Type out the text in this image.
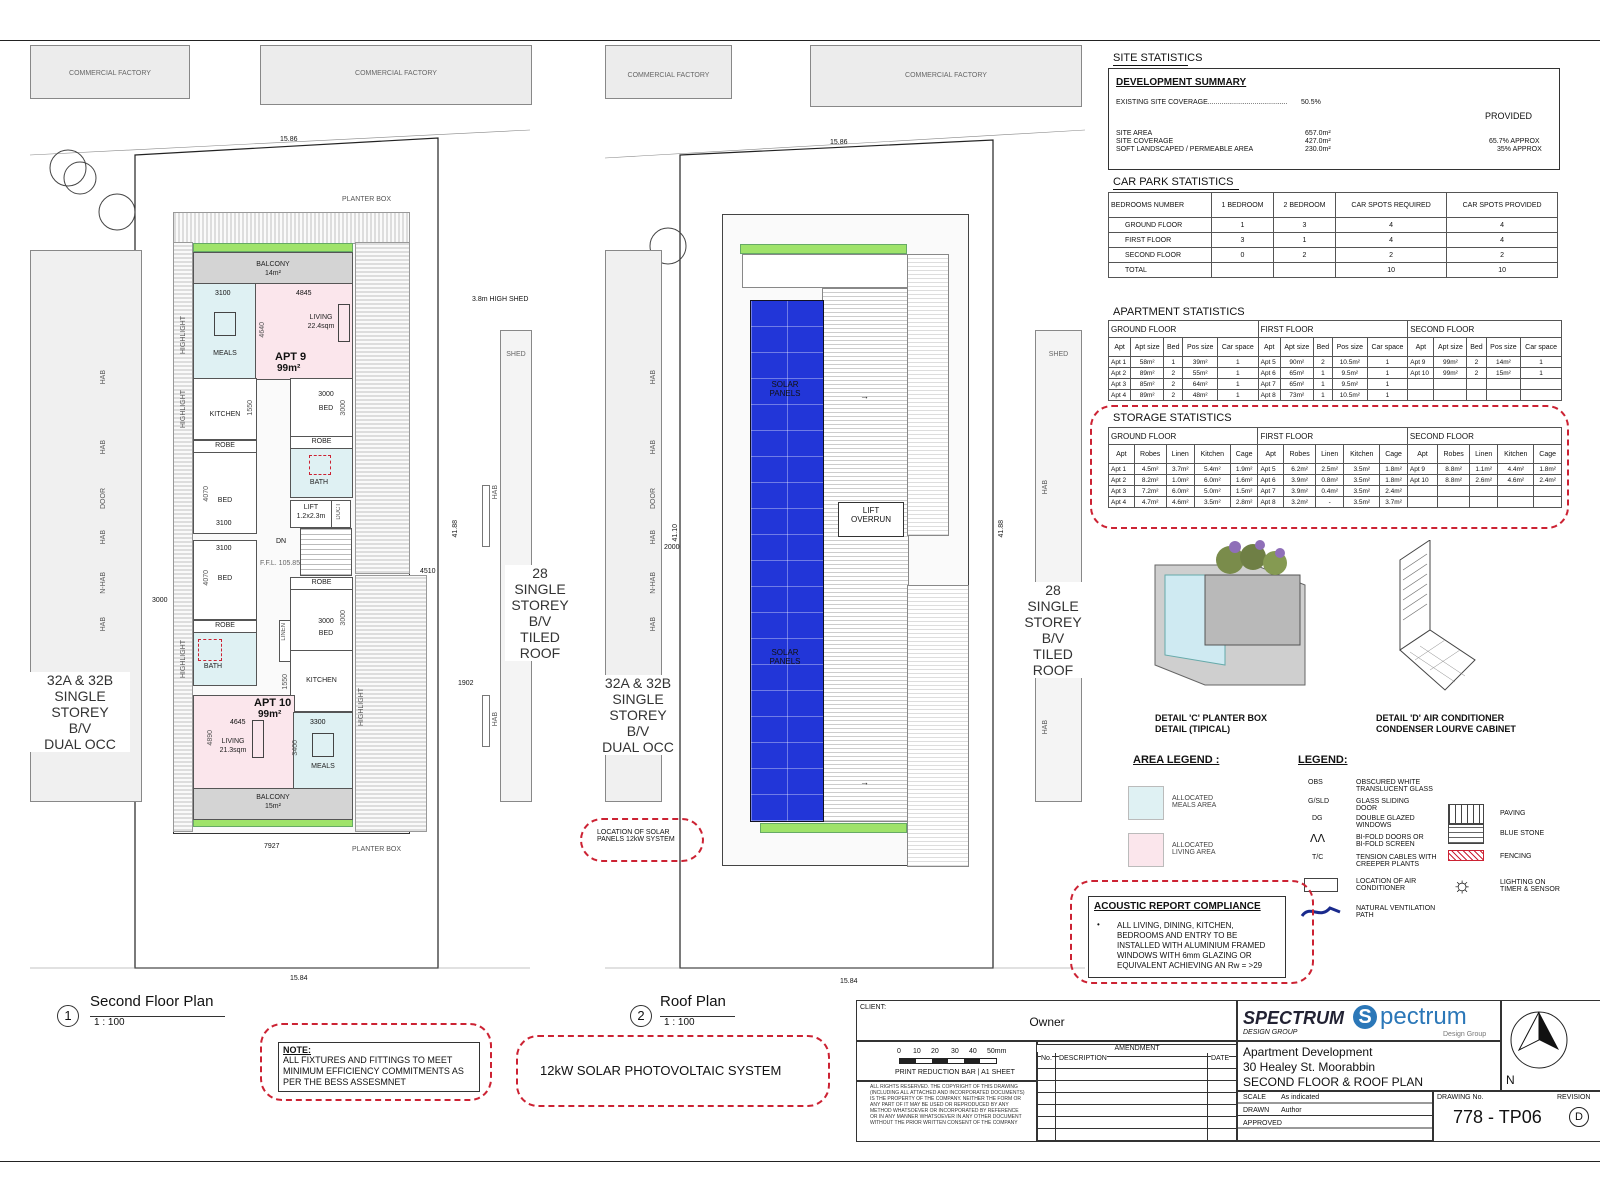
COMMERCIAL FACTORY	COMMERCIAL FACTORY
15.86
15.84
41.88
32A & 32B
SINGLE
STOREY
B/V
DUAL OCC
HAB
HAB
DOOR
HAB
N-HAB
HAB
SHED
3.8m HIGH SHED
28
SINGLE
STOREY
B/V
TILED
ROOF
HAB
HAB
PLANTER BOX
PLANTER BOX
BALCONY
14m²
MEALS
LIVING
22.4sqm
APT 9
99m²
KITCHEN
BED
3000
ROBE
ROBE
BATH
BED
LIFT
1.2x2.3m	DUCT
DN
F.F.L. 105.85
BED
ROBE
ROBE
BATH
BED
3000
LINEN
KITCHEN
LIVING
21.3sqm
MEALS
APT 10
99m²
BALCONY
15m²
HIGHLIGHT
HIGHLIGHT
HIGHLIGHT
HIGHLIGHT
3100	4845
4640
3000
1550
4070
3100
3100
4070
3000
1550
4645	3300
4890
3400
3000
4510
1902
7927
1
Second Floor Plan
1 : 100
NOTE:
ALL FIXTURES AND FITTINGS TO MEET MINIMUM EFFICIENCY COMMITMENTS AS PER THE BESS ASSESMNET
12kW SOLAR PHOTOVOLTAIC SYSTEM
COMMERCIAL FACTORY	COMMERCIAL FACTORY
15.86
15.84
41.10	41.88
2000
32A & 32B
SINGLE
STOREY
B/V
DUAL OCC
HAB
HAB
DOOR
HAB
N-HAB
HAB
SHED
28
SINGLE
STOREY
B/V
TILED
ROOF
HAB
HAB
SOLAR
PANELS
SOLAR
PANELS
LIFT
OVERRUN
→
→
LOCATION OF SOLAR
PANELS 12kW SYSTEM
2
Roof Plan
1 : 100
SITE STATISTICS
DEVELOPMENT SUMMARY
EXISTING SITE COVERAGE......................................... 50.5%
PROVIDED
SITE AREA	657.0m²
SITE COVERAGE	427.0m²	65.7% APPROX
SOFT LANDSCAPED / PERMEABLE AREA	230.0m²	35% APPROX
CAR PARK STATISTICS
BEDROOMS NUMBER	1 BEDROOM	2 BEDROOM	CAR SPOTS REQUIRED	CAR SPOTS PROVIDED
GROUND FLOOR	1	3	4	4
FIRST FLOOR	3	1	4	4
SECOND FLOOR	0	2	2	2
TOTAL			10	10
APARTMENT STATISTICS
GROUND FLOOR					FIRST FLOOR					SECOND FLOOR				
Apt	Apt size	Bed	Pos size	Car space	Apt	Apt size	Bed	Pos size	Car space	Apt	Apt size	Bed	Pos size	Car space
Apt 1	58m²	1	39m²	1	Apt 5	90m²	2	10.5m²	1	Apt 9	99m²	2	14m²	1
Apt 2	89m²	2	55m²	1	Apt 6	65m²	1	9.5m²	1	Apt 10	99m²	2	15m²	1
Apt 3	85m²	2	64m²	1	Apt 7	65m²	1	9.5m²	1					
Apt 4	89m²	2	48m²	1	Apt 8	73m²	1	10.5m²	1					
STORAGE STATISTICS
GROUND FLOOR					FIRST FLOOR					SECOND FLOOR				
Apt	Robes	Linen	Kitchen	Cage	Apt	Robes	Linen	Kitchen	Cage	Apt	Robes	Linen	Kitchen	Cage
Apt 1	4.5m²	3.7m²	5.4m²	1.9m²	Apt 5	6.2m²	2.5m²	3.5m²	1.8m²	Apt 9	8.8m²	1.1m²	4.4m²	1.8m²
Apt 2	8.2m²	1.0m²	6.0m²	1.6m²	Apt 6	3.9m²	0.8m²	3.5m²	1.8m²	Apt 10	8.8m²	2.6m²	4.6m²	2.4m²
Apt 3	7.2m²	6.0m²	5.0m²	1.5m²	Apt 7	3.9m²	0.4m²	3.5m²	2.4m²					
Apt 4	4.7m²	4.6m²	3.5m²	2.8m²	Apt 8	3.2m²	-	3.5m²	3.7m²					
DETAIL 'C' PLANTER BOX
DETAIL (TIPICAL)
DETAIL 'D' AIR CONDITIONER
CONDENSER LOURVE CABINET
AREA LEGEND :
ALLOCATED
MEALS AREA
ALLOCATED
LIVING AREA
LEGEND:
OBS	OBSCURED WHITE
TRANSLUCENT GLASS
G/SLD	GLASS SLIDING
DOOR
DG	DOUBLE GLAZED
WINDOWS
ᐱᐱ	BI-FOLD DOORS OR
BI-FOLD SCREEN
T/C	TENSION CABLES WITH
CREEPER PLANTS
LOCATION OF AIR
CONDITIONER
NATURAL VENTILATION
PATH
PAVING
BLUE STONE
FENCING
☼	LIGHTING ON
TIMER & SENSOR
ACOUSTIC REPORT COMPLIANCE
• ALL LIVING, DINING, KITCHEN, BEDROOMS AND ENTRY TO BE INSTALLED WITH ALUMINIUM FRAMED WINDOWS WITH 6mm GLAZING OR EQUIVALENT ACHIEVING AN Rw = >29
CLIENT:
Owner
0 10 20 30 40 50mm
PRINT REDUCTION BAR | A1 SHEET
ALL RIGHTS RESERVED. THE COPYRIGHT OF THIS DRAWING (INCLUDING ALL ATTACHED AND INCORPORATED DOCUMENTS) IS THE PROPERTY OF THE COMPANY. NEITHER THE FORM OR ANY PART OF IT MAY BE USED OR REPRODUCED BY ANY METHOD WHATSOEVER OR INCORPORATED BY REFERENCE OR IN ANY MANNER WHATSOEVER IN ANY OTHER DOCUMENT WITHOUT THE PRIOR WRITTEN CONSENT OF THE COMPANY
AMENDMENT
No. DESCRIPTION	DATE
SPECTRUM
DESIGN GROUP
S pectrum
Design Group
N
Apartment Development
30 Healey St. Moorabbin
SECOND FLOOR & ROOF PLAN
SCALE As indicated
DRAWN Author
APPROVED
DRAWING No.	REVISION
778 - TP06	D
